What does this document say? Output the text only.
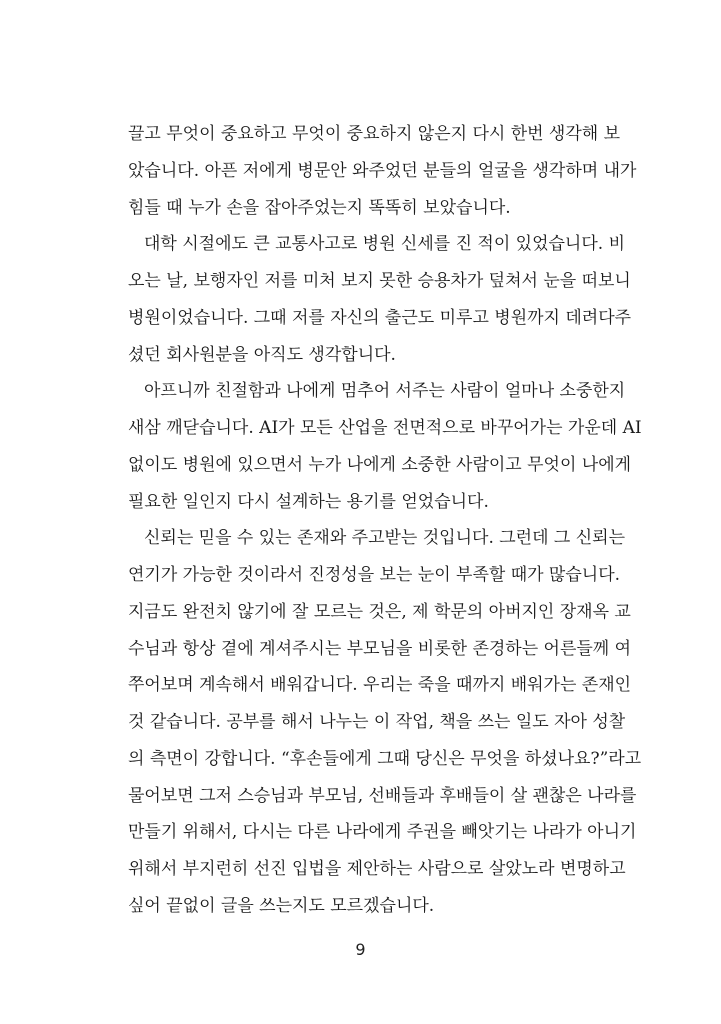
끌고 무엇이 중요하고 무엇이 중요하지 않은지 다시 한번 생각해 보
았습니다. 아픈 저에게 병문안 와주었던 분들의 얼굴을 생각하며 내가
힘들 때 누가 손을 잡아주었는지 똑똑히 보았습니다.
대학 시절에도 큰 교통사고로 병원 신세를 진 적이 있었습니다. 비
오는 날, 보행자인 저를 미처 보지 못한 승용차가 덮쳐서 눈을 떠보니
병원이었습니다. 그때 저를 자신의 출근도 미루고 병원까지 데려다주
셨던 회사원분을 아직도 생각합니다.
아프니까 친절함과 나에게 멈추어 서주는 사람이 얼마나 소중한지
새삼 깨닫습니다. AI가 모든 산업을 전면적으로 바꾸어가는 가운데 AI
없이도 병원에 있으면서 누가 나에게 소중한 사람이고 무엇이 나에게
필요한 일인지 다시 설계하는 용기를 얻었습니다.
신뢰는 믿을 수 있는 존재와 주고받는 것입니다. 그런데 그 신뢰는
연기가 가능한 것이라서 진정성을 보는 눈이 부족할 때가 많습니다.
지금도 완전치 않기에 잘 모르는 것은, 제 학문의 아버지인 장재옥 교
수님과 항상 곁에 계셔주시는 부모님을 비롯한 존경하는 어른들께 여
쭈어보며 계속해서 배워갑니다. 우리는 죽을 때까지 배워가는 존재인
것 같습니다. 공부를 해서 나누는 이 작업, 책을 쓰는 일도 자아 성찰
의 측면이 강합니다. “후손들에게 그때 당신은 무엇을 하셨나요?”라고
물어보면 그저 스승님과 부모님, 선배들과 후배들이 살 괜찮은 나라를
만들기 위해서, 다시는 다른 나라에게 주권을 빼앗기는 나라가 아니기
위해서 부지런히 선진 입법을 제안하는 사람으로 살았노라 변명하고
싶어 끝없이 글을 쓰는지도 모르겠습니다.
9
